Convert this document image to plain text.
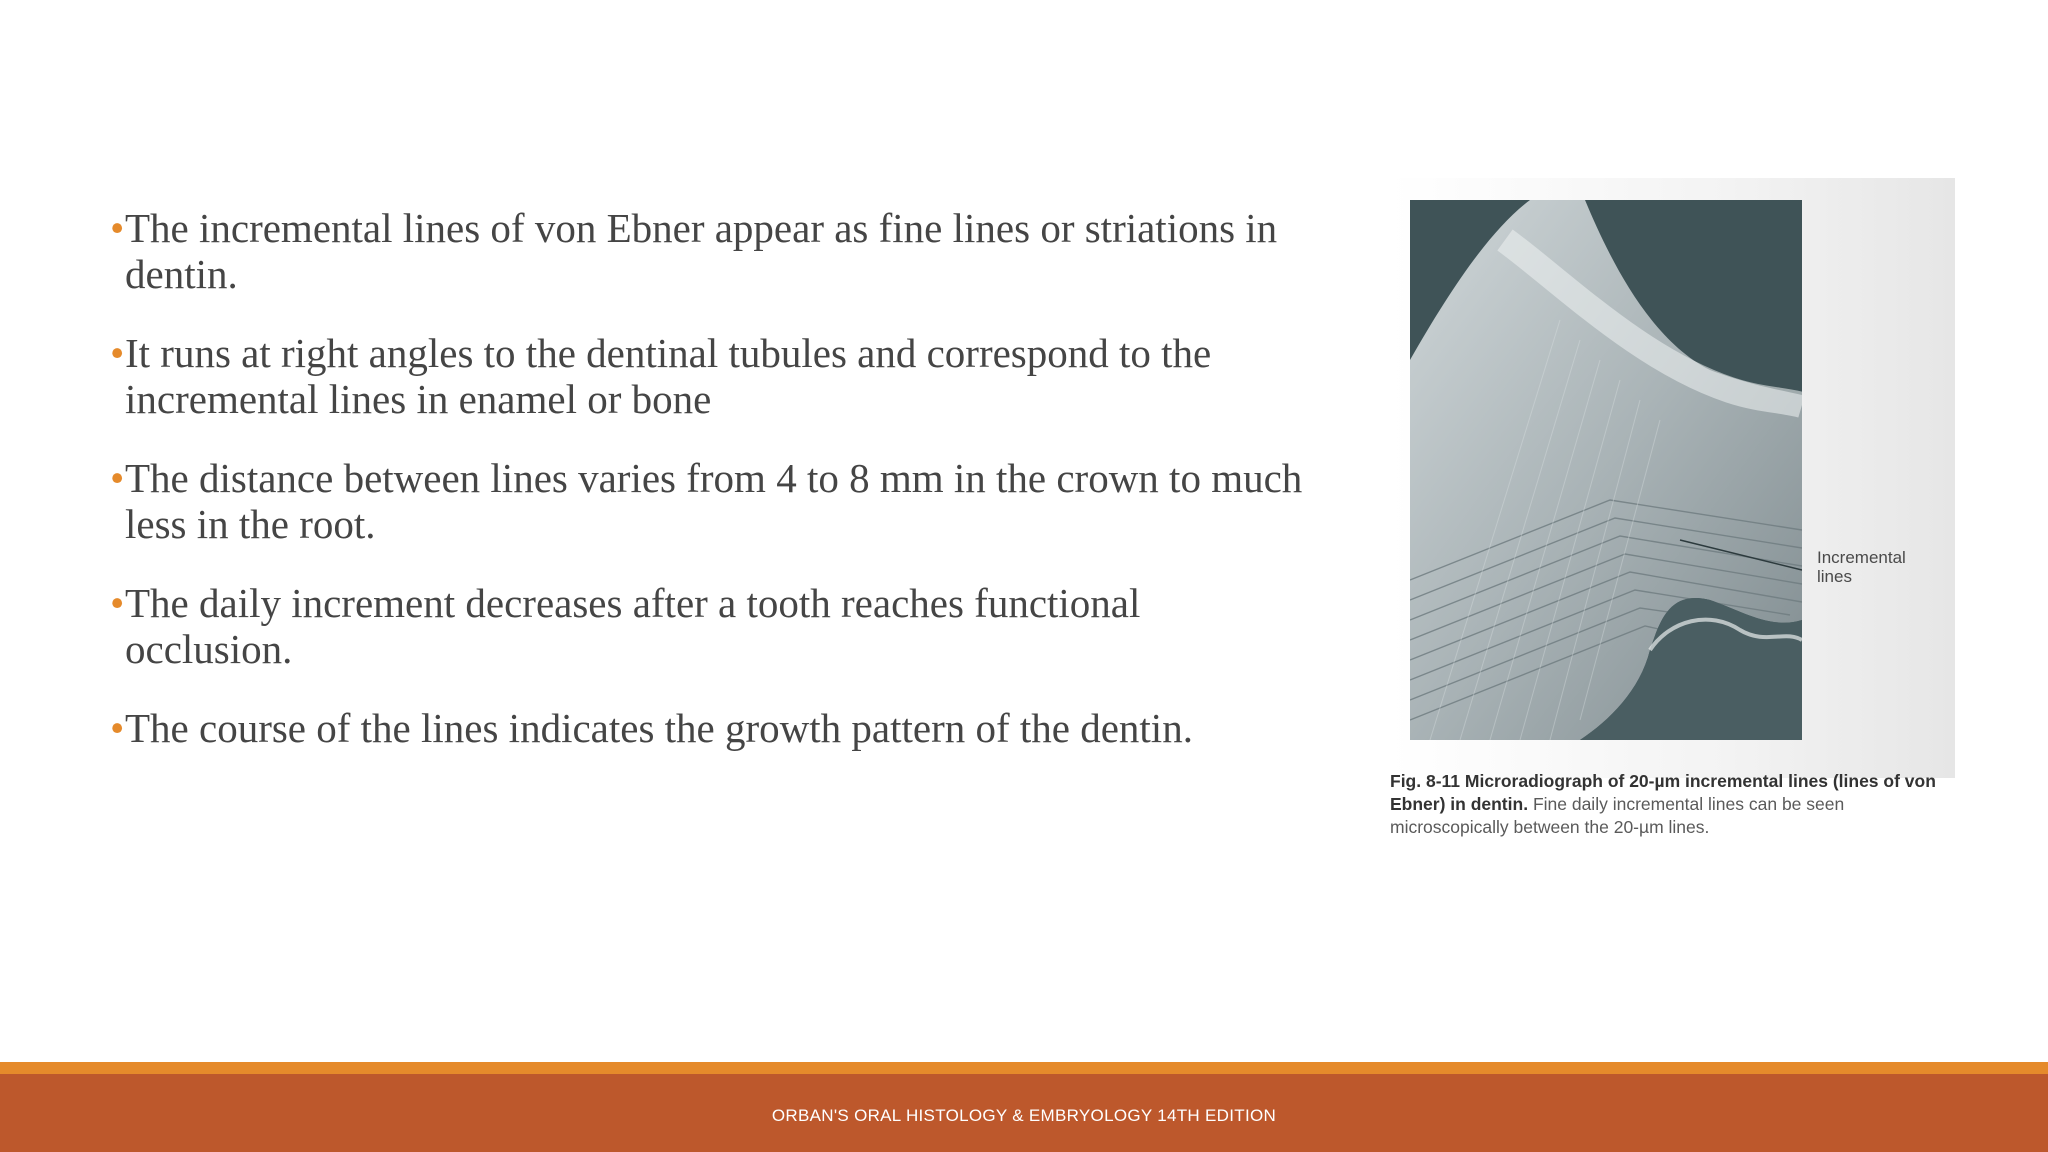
• The incremental lines of von Ebner appear as fine lines or striations in dentin.
• It runs at right angles to the dentinal tubules and correspond to the incremental lines in enamel or bone
• The distance between lines varies from 4 to 8 mm in the crown to much less in the root.
• The daily increment decreases after a tooth reaches functional occlusion.
• The course of the lines indicates the growth pattern of the dentin.
Incremental lines
Fig. 8-11 Microradiograph of 20-µm incremental lines (lines of von Ebner) in dentin. Fine daily incremental lines can be seen microscopically between the 20-µm lines.
ORBAN'S ORAL HISTOLOGY & EMBRYOLOGY 14TH EDITION
